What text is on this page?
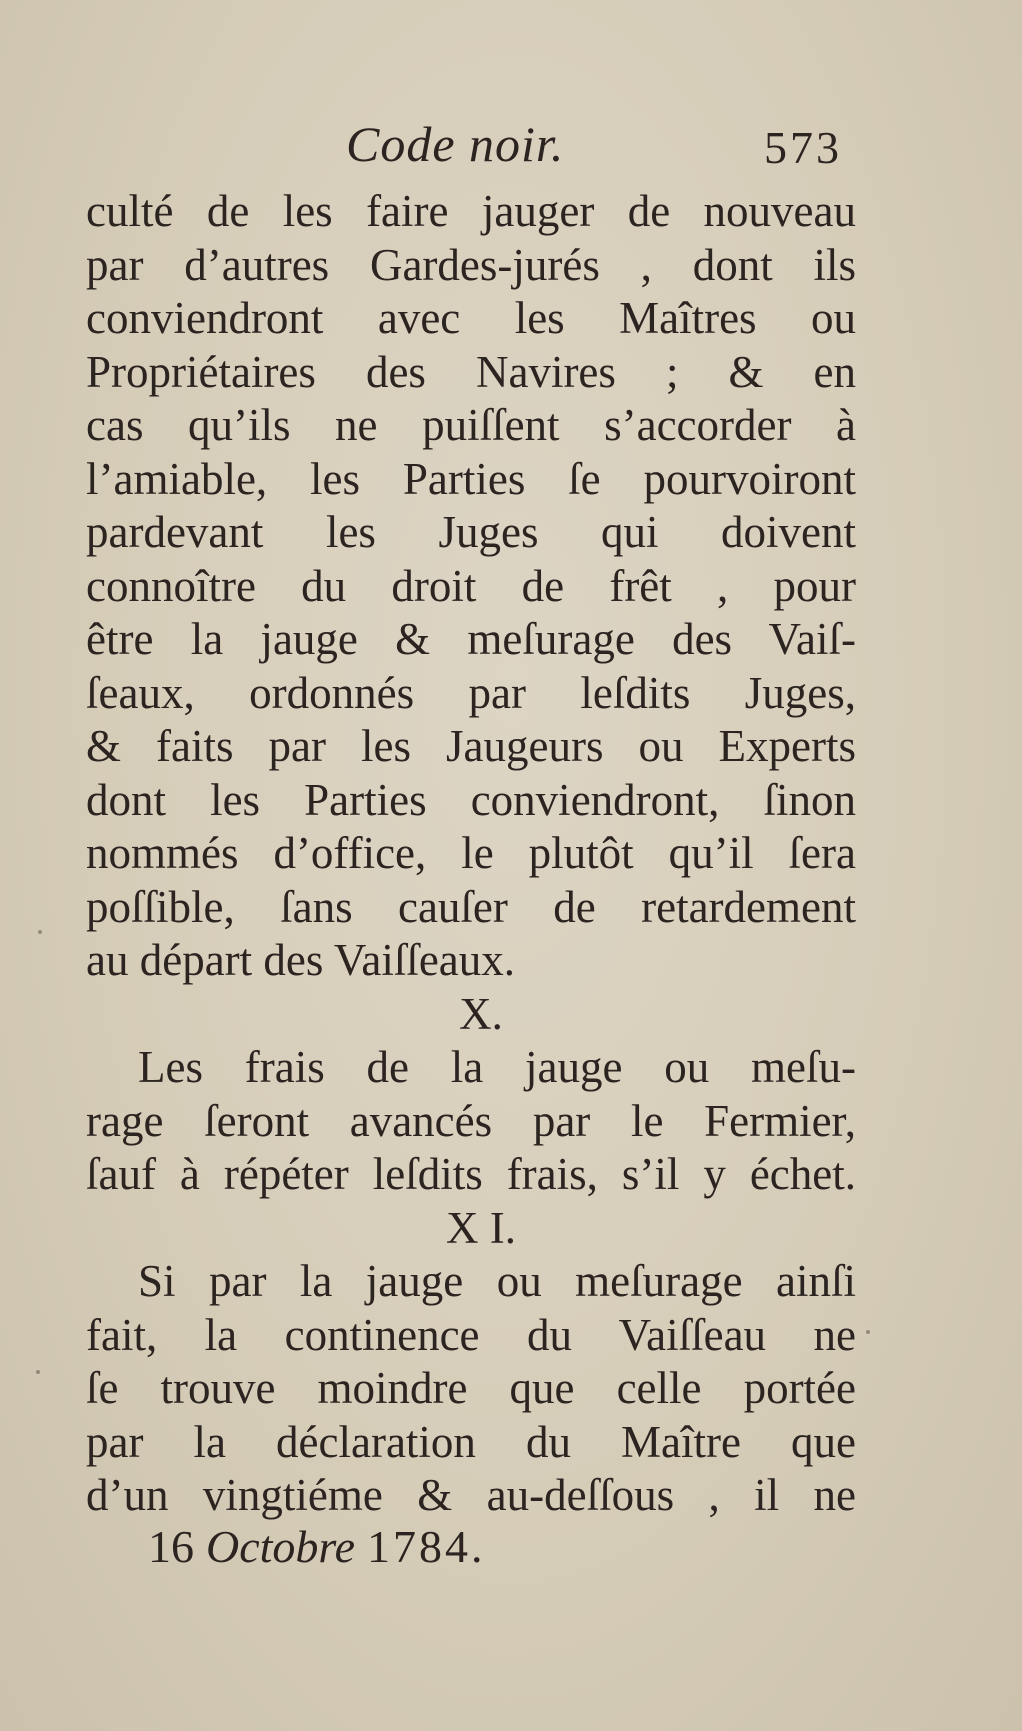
Code noir.	573
culté de les faire jauger de nouveau
par d’autres Gardes-jurés , dont ils
conviendront avec les Maîtres ou
Propriétaires des Navires ; & en
cas qu’ils ne puiſſent s’accorder à
l’amiable, les Parties ſe pourvoiront
pardevant les Juges qui doivent
connoître du droit de frêt , pour
être la jauge & meſurage des Vaiſ-
ſeaux, ordonnés par leſdits Juges,
& faits par les Jaugeurs ou Experts
dont les Parties conviendront, ſinon
nommés d’office, le plutôt qu’il ſera
poſſible, ſans cauſer de retardement
au départ des Vaiſſeaux.
X.
Les frais de la jauge ou meſu-
rage ſeront avancés par le Fermier,
ſauf à répéter leſdits frais, s’il y échet.
X I.
Si par la jauge ou meſurage ainſi
fait, la continence du Vaiſſeau ne
ſe trouve moindre que celle portée
par la déclaration du Maître que
d’un vingtiéme & au-deſſous , il ne
16 Octobre 1784.
